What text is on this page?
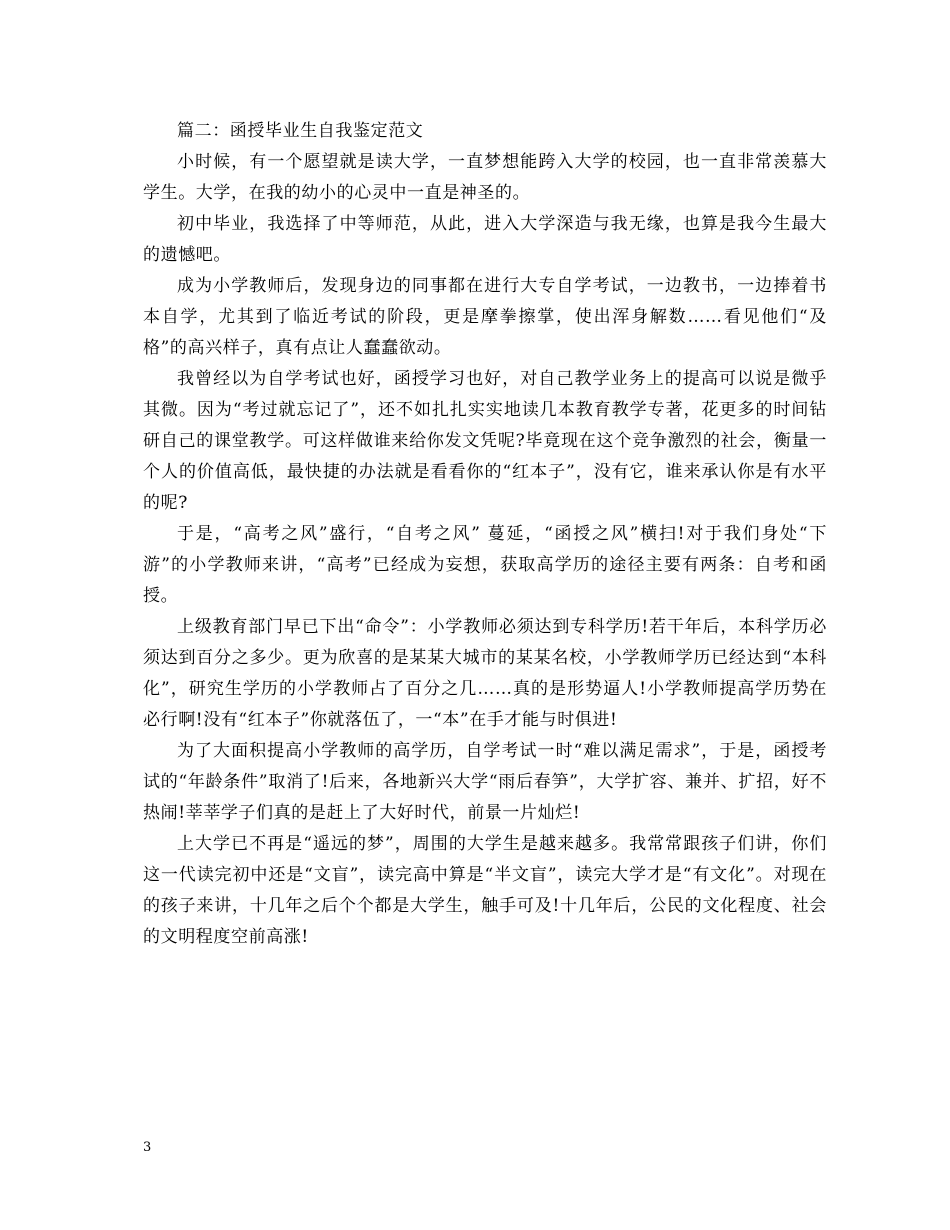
篇二：函授毕业生自我鉴定范文

小时候，有一个愿望就是读大学，一直梦想能跨入大学的校园，也一直非常羡慕大学生。大学，在我的幼小的心灵中一直是神圣的。

初中毕业，我选择了中等师范，从此，进入大学深造与我无缘，也算是我今生最大的遗憾吧。

成为小学教师后，发现身边的同事都在进行大专自学考试，一边教书，一边捧着书本自学，尤其到了临近考试的阶段，更是摩拳擦掌，使出浑身解数……看见他们“及格”的高兴样子，真有点让人蠢蠢欲动。

我曾经以为自学考试也好，函授学习也好，对自己教学业务上的提高可以说是微乎其微。因为“考过就忘记了”，还不如扎扎实实地读几本教育教学专著，花更多的时间钻研自己的课堂教学。可这样做谁来给你发文凭呢?毕竟现在这个竞争激烈的社会，衡量一个人的价值高低，最快捷的办法就是看看你的“红本子”，没有它，谁来承认你是有水平的呢?

于是，“高考之风”盛行，“自考之风” 蔓延，“函授之风”横扫!对于我们身处“下游”的小学教师来讲，“高考”已经成为妄想，获取高学历的途径主要有两条：自考和函授。

上级教育部门早已下出“命令”：小学教师必须达到专科学历!若干年后，本科学历必须达到百分之多少。更为欣喜的是某某大城市的某某名校，小学教师学历已经达到“本科化”，研究生学历的小学教师占了百分之几……真的是形势逼人!小学教师提高学历势在必行啊!没有“红本子”你就落伍了，一“本”在手才能与时俱进!

为了大面积提高小学教师的高学历，自学考试一时“难以满足需求”，于是，函授考试的“年龄条件”取消了!后来，各地新兴大学“雨后春笋”，大学扩容、兼并、扩招，好不热闹!莘莘学子们真的是赶上了大好时代，前景一片灿烂!

上大学已不再是“遥远的梦”，周围的大学生是越来越多。我常常跟孩子们讲，你们这一代读完初中还是“文盲”，读完高中算是“半文盲”，读完大学才是“有文化”。对现在的孩子来讲，十几年之后个个都是大学生，触手可及!十几年后，公民的文化程度、社会的文明程度空前高涨!

3
